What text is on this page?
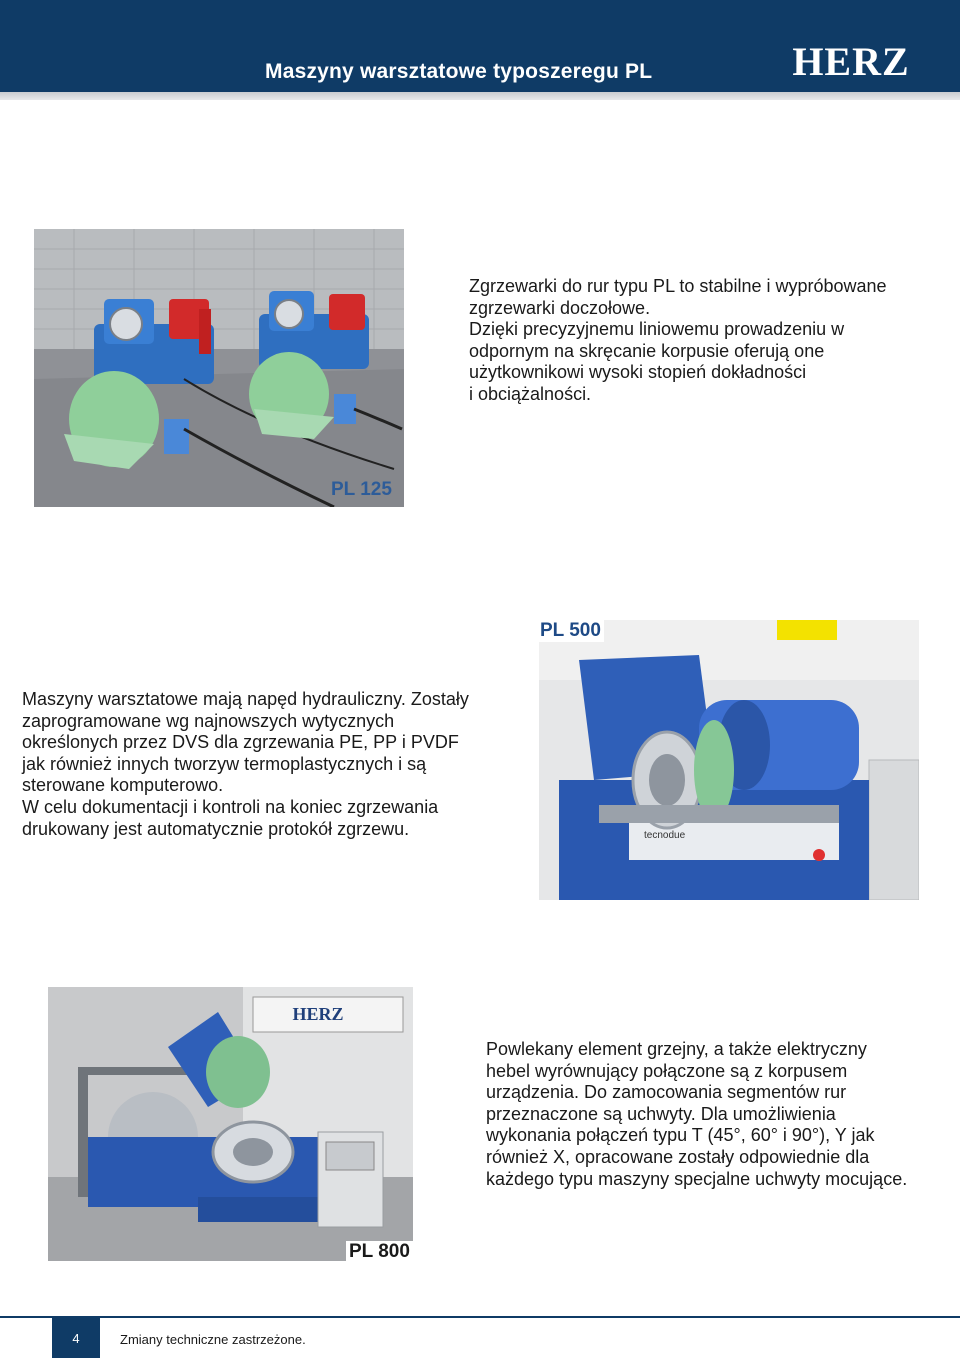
Maszyny warsztatowe typoszeregu PL	HERZ
PL 125

Zgrzewarki do rur typu PL to stabilne i wypróbowane
zgrzewarki doczołowe.
Dzięki precyzyjnemu liniowemu prowadzeniu w
odpornym na skręcanie korpusie oferują one
użytkownikowi wysoki stopień dokładności
i obciążalności.

tecnodue
PL 500

Maszyny warsztatowe mają napęd hydrauliczny. Zostały
zaprogramowane wg najnowszych wytycznych
określonych przez DVS dla zgrzewania PE, PP i PVDF
jak również innych tworzyw termoplastycznych i są
sterowane komputerowo.
W celu dokumentacji i kontroli na koniec zgrzewania
drukowany jest automatycznie protokół zgrzewu.

HERZ
PL 800

Powlekany element grzejny, a także elektryczny
hebel wyrównujący połączone są z korpusem
urządzenia. Do zamocowania segmentów rur
przeznaczone są uchwyty. Dla umożliwienia
wykonania połączeń typu T (45°, 60° i 90°), Y jak
również X, opracowane zostały odpowiednie dla
każdego typu maszyny specjalne uchwyty mocujące.

4	Zmiany techniczne zastrzeżone.
